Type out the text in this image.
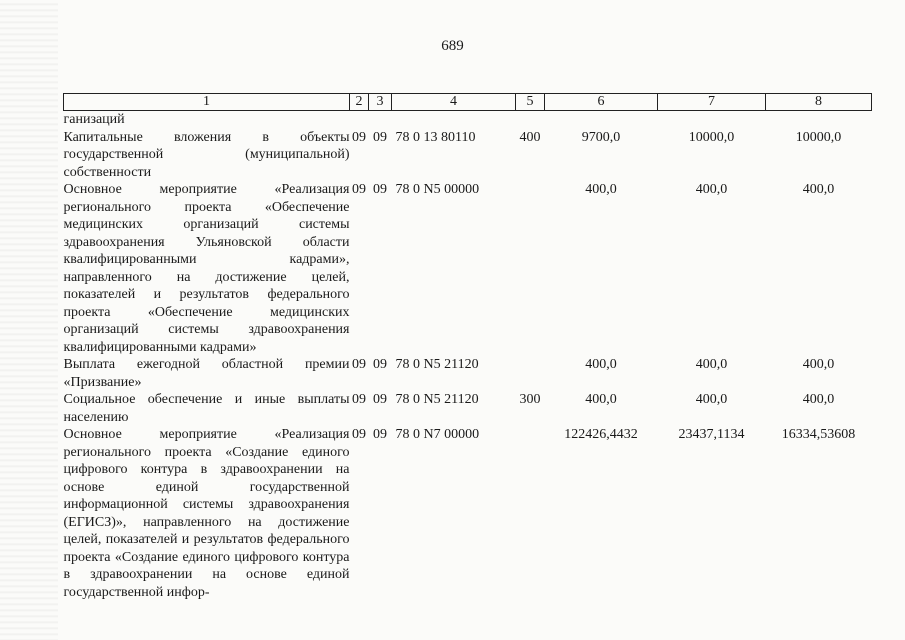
689
1	2	3	4	5	6	7	8
ганизаций							
Капитальные вложения в объекты государственной (муниципальной) собственности	09	09	78 0 13 80110	400	9700,0	10000,0	10000,0
Основное мероприятие «Реализация регионального проекта «Обеспечение медицинских организаций системы здравоохранения Ульяновской области квалифицированными кадрами», направленного на достижение целей, показателей и результатов федерального проекта «Обеспечение медицинских организаций системы здравоохранения квалифицированными кадрами»	09	09	78 0 N5 00000		400,0	400,0	400,0
Выплата ежегодной областной премии «Призвание»	09	09	78 0 N5 21120		400,0	400,0	400,0
Социальное обеспечение и иные выплаты населению	09	09	78 0 N5 21120	300	400,0	400,0	400,0
Основное мероприятие «Реализация регионального проекта «Создание единого цифрового контура в здравоохранении на основе единой государственной информационной системы здравоохранения (ЕГИСЗ)», направленного на достижение целей, показателей и результатов федерального проекта «Создание единого цифрового контура в здравоохранении на основе единой государственной инфор-	09	09	78 0 N7 00000		122426,4432	23437,1134	16334,53608
